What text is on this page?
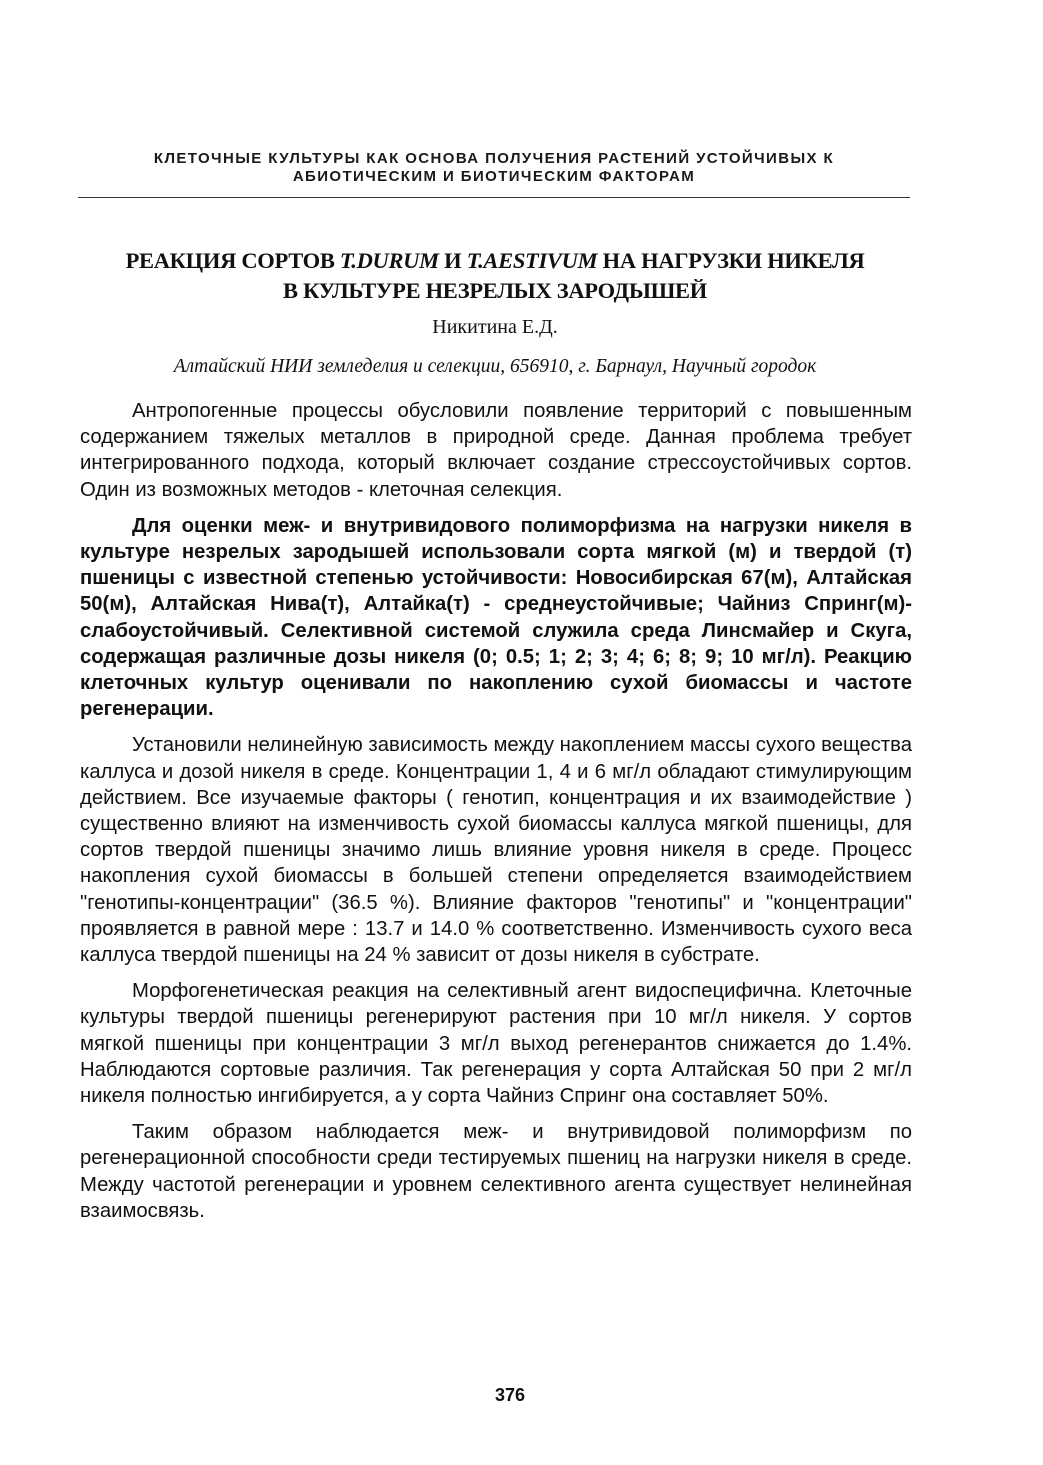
КЛЕТОЧНЫЕ КУЛЬТУРЫ КАК ОСНОВА ПОЛУЧЕНИЯ РАСТЕНИЙ УСТОЙЧИВЫХ К
АБИОТИЧЕСКИМ И БИОТИЧЕСКИМ ФАКТОРАМ
РЕАКЦИЯ СОРТОВ T.DURUM И T.AESTIVUM НА НАГРУЗКИ НИКЕЛЯ
В КУЛЬТУРЕ НЕЗРЕЛЫХ ЗАРОДЫШЕЙ
Никитина Е.Д.
Алтайский НИИ земледелия и селекции, 656910, г. Барнаул, Научный городок

Антропогенные процессы обусловили появление территорий с повышенным содержанием тяжелых металлов в природной среде. Данная проблема требует интегрированного подхода, который включает создание стрессоустойчивых сортов. Один из возможных методов - клеточная селекция.

Для оценки меж- и внутривидового полиморфизма на нагрузки никеля в культуре незрелых зародышей использовали сорта мягкой (м) и твердой (т) пшеницы с известной степенью устойчивости: Новосибирская 67(м), Алтайская 50(м), Алтайская Нива(т), Алтайка(т) - среднеустойчивые; Чайниз Спринг(м)-слабоустойчивый. Селективной системой служила среда Линсмайер и Скуга, содержащая различные дозы никеля (0; 0.5; 1; 2; 3; 4; 6; 8; 9; 10 мг/л). Реакцию клеточных культур оценивали по накоплению сухой биомассы и частоте регенерации.

Установили нелинейную зависимость между накоплением массы сухого вещества каллуса и дозой никеля в среде. Концентрации 1, 4 и 6 мг/л обладают стимулирующим действием. Все изучаемые факторы ( генотип, концентрация и их взаимодействие ) существенно влияют на изменчивость сухой биомассы каллуса мягкой пшеницы, для сортов твердой пшеницы значимо лишь влияние уровня никеля в среде. Процесс накопления сухой биомассы в большей степени определяется взаимодействием "генотипы-концентрации" (36.5 %). Влияние факторов "генотипы" и "концентрации" проявляется в равной мере : 13.7 и 14.0 % соответственно. Изменчивость сухого веса каллуса твердой пшеницы на 24 % зависит от дозы никеля в субстрате.

Морфогенетическая реакция на селективный агент видоспецифична. Клеточные культуры твердой пшеницы регенерируют растения при 10 мг/л никеля. У сортов мягкой пшеницы при концентрации 3 мг/л выход регенерантов снижается до 1.4%. Наблюдаются сортовые различия. Так регенерация у сорта Алтайская 50 при 2 мг/л никеля полностью ингибируется, а у сорта Чайниз Спринг она составляет 50%.

Таким образом наблюдается меж- и внутривидовой полиморфизм по регенерационной способности среди тестируемых пшениц на нагрузки никеля в среде. Между частотой регенерации и уровнем селективного агента существует нелинейная взаимосвязь.

376
